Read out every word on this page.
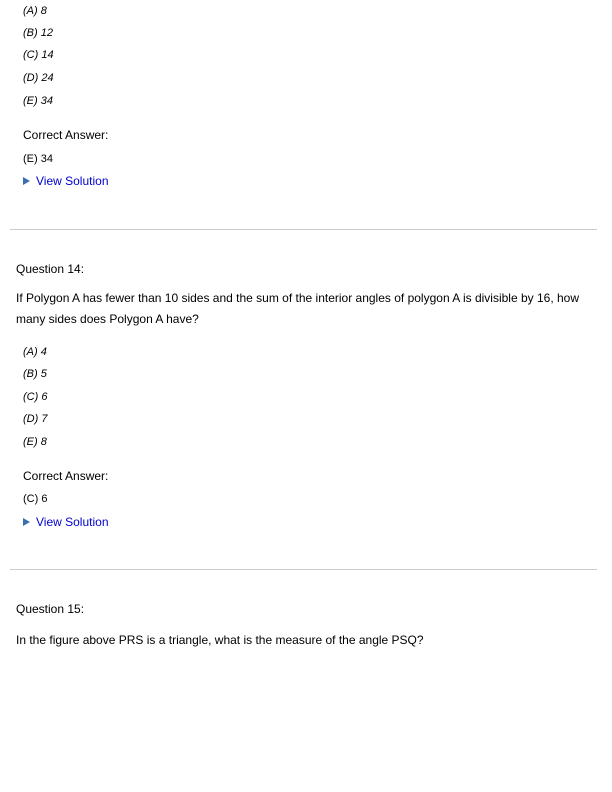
(A) 8
(B) 12
(C) 14
(D) 24
(E) 34
Correct Answer:
(E) 34
View Solution
Question 14:
If Polygon A has fewer than 10 sides and the sum of the interior angles of polygon A is divisible by 16, how many sides does Polygon A have?
(A) 4
(B) 5
(C) 6
(D) 7
(E) 8
Correct Answer:
(C) 6
View Solution
Question 15:
In the figure above PRS is a triangle, what is the measure of the angle PSQ?
